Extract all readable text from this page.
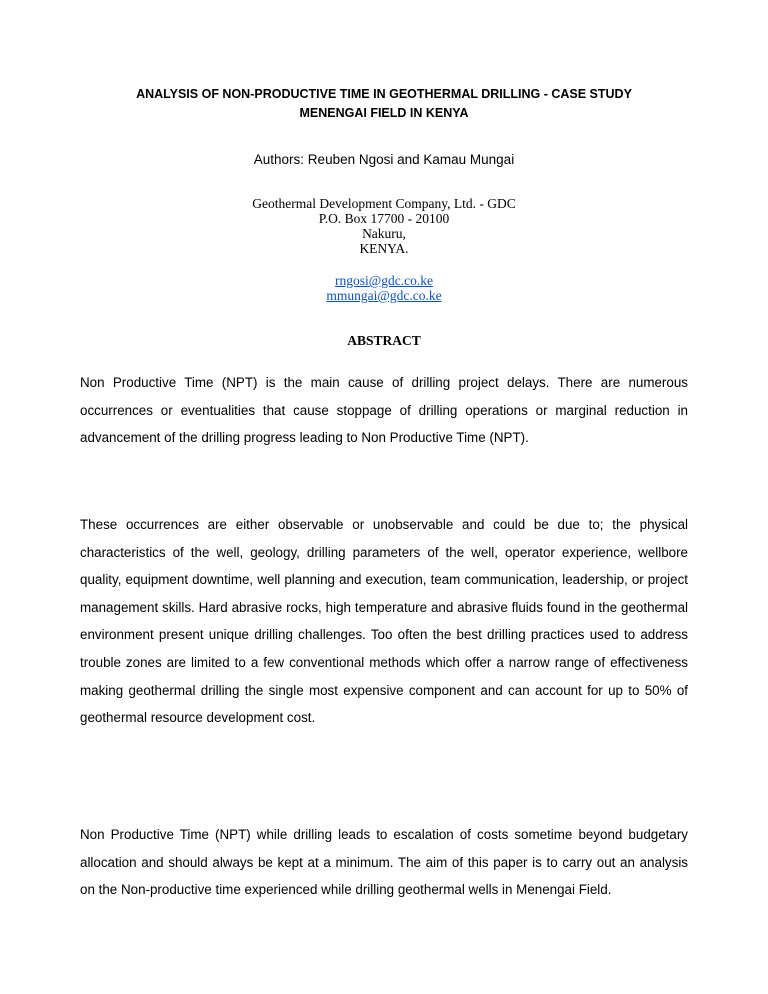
ANALYSIS OF NON-PRODUCTIVE TIME IN GEOTHERMAL DRILLING - CASE STUDY
MENENGAI FIELD IN KENYA

Authors: Reuben Ngosi and Kamau Mungai

Geothermal Development Company, Ltd. - GDC
P.O. Box 17700 - 20100
Nakuru,
KENYA.
rngosi@gdc.co.ke
mmungai@gdc.co.ke
ABSTRACT

Non Productive Time (NPT) is the main cause of drilling project delays. There are numerous occurrences or eventualities that cause stoppage of drilling operations or marginal reduction in advancement of the drilling progress leading to Non Productive Time (NPT).

These occurrences are either observable or unobservable and could be due to; the physical characteristics of the well, geology, drilling parameters of the well, operator experience, wellbore quality, equipment downtime, well planning and execution, team communication, leadership, or project management skills. Hard abrasive rocks, high temperature and abrasive fluids found in the geothermal environment present unique drilling challenges. Too often the best drilling practices used to address trouble zones are limited to a few conventional methods which offer a narrow range of effectiveness making geothermal drilling the single most expensive component and can account for up to 50% of geothermal resource development cost.

Non Productive Time (NPT) while drilling leads to escalation of costs sometime beyond budgetary allocation and should always be kept at a minimum. The aim of this paper is to carry out an analysis on the Non-productive time experienced while drilling geothermal wells in Menengai Field.
